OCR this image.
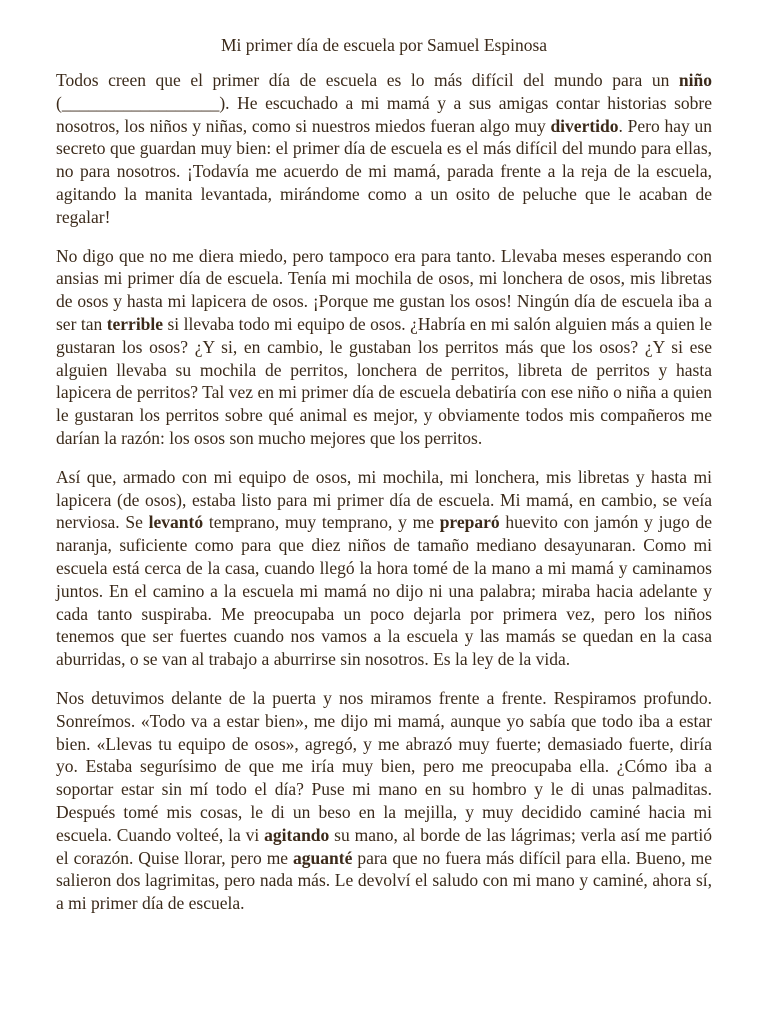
Mi primer día de escuela por Samuel Espinosa

Todos creen que el primer día de escuela es lo más difícil del mundo para un niño (__________________). He escuchado a mi mamá y a sus amigas contar historias sobre nosotros, los niños y niñas, como si nuestros miedos fueran algo muy divertido. Pero hay un secreto que guardan muy bien: el primer día de escuela es el más difícil del mundo para ellas, no para nosotros. ¡Todavía me acuerdo de mi mamá, parada frente a la reja de la escuela, agitando la manita levantada, mirándome como a un osito de peluche que le acaban de regalar!

No digo que no me diera miedo, pero tampoco era para tanto. Llevaba meses esperando con ansias mi primer día de escuela. Tenía mi mochila de osos, mi lonchera de osos, mis libretas de osos y hasta mi lapicera de osos. ¡Porque me gustan los osos! Ningún día de escuela iba a ser tan terrible si llevaba todo mi equipo de osos. ¿Habría en mi salón alguien más a quien le gustaran los osos? ¿Y si, en cambio, le gustaban los perritos más que los osos? ¿Y si ese alguien llevaba su mochila de perritos, lonchera de perritos, libreta de perritos y hasta lapicera de perritos? Tal vez en mi primer día de escuela debatiría con ese niño o niña a quien le gustaran los perritos sobre qué animal es mejor, y obviamente todos mis compañeros me darían la razón: los osos son mucho mejores que los perritos.

Así que, armado con mi equipo de osos, mi mochila, mi lonchera, mis libretas y hasta mi lapicera (de osos), estaba listo para mi primer día de escuela. Mi mamá, en cambio, se veía nerviosa. Se levantó temprano, muy temprano, y me preparó huevito con jamón y jugo de naranja, suficiente como para que diez niños de tamaño mediano desayunaran. Como mi escuela está cerca de la casa, cuando llegó la hora tomé de la mano a mi mamá y caminamos juntos. En el camino a la escuela mi mamá no dijo ni una palabra; miraba hacia adelante y cada tanto suspiraba. Me preocupaba un poco dejarla por primera vez, pero los niños tenemos que ser fuertes cuando nos vamos a la escuela y las mamás se quedan en la casa aburridas, o se van al trabajo a aburrirse sin nosotros. Es la ley de la vida.

Nos detuvimos delante de la puerta y nos miramos frente a frente. Respiramos profundo. Sonreímos. «Todo va a estar bien», me dijo mi mamá, aunque yo sabía que todo iba a estar bien. «Llevas tu equipo de osos», agregó, y me abrazó muy fuerte; demasiado fuerte, diría yo. Estaba segurísimo de que me iría muy bien, pero me preocupaba ella. ¿Cómo iba a soportar estar sin mí todo el día? Puse mi mano en su hombro y le di unas palmaditas. Después tomé mis cosas, le di un beso en la mejilla, y muy decidido caminé hacia mi escuela. Cuando volteé, la vi agitando su mano, al borde de las lágrimas; verla así me partió el corazón. Quise llorar, pero me aguanté para que no fuera más difícil para ella. Bueno, me salieron dos lagrimitas, pero nada más. Le devolví el saludo con mi mano y caminé, ahora sí, a mi primer día de escuela.
